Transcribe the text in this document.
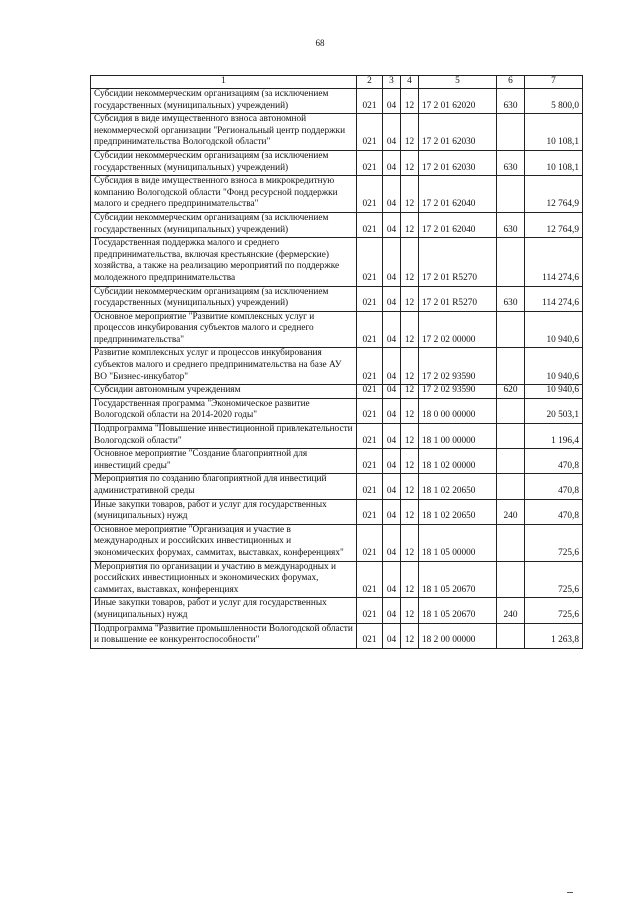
68
1	2	3	4	5	6	7
Субсидии некоммерческим организациям (за исключением государственных (муниципальных) учреждений)	021	04	12	17 2 01 62020	630	5 800,0
Субсидия в виде имущественного взноса автономной некоммерческой организации "Региональный центр поддержки предпринимательства Вологодской области"	021	04	12	17 2 01 62030		10 108,1
Субсидии некоммерческим организациям (за исключением государственных (муниципальных) учреждений)	021	04	12	17 2 01 62030	630	10 108,1
Субсидия в виде имущественного взноса в микрокредитную компанию Вологодской области "Фонд ресурсной поддержки малого и среднего предпринимательства"	021	04	12	17 2 01 62040		12 764,9
Субсидии некоммерческим организациям (за исключением государственных (муниципальных) учреждений)	021	04	12	17 2 01 62040	630	12 764,9
Государственная поддержка малого и среднего предпринимательства, включая крестьянские (фермерские) хозяйства, а также на реализацию мероприятий по поддержке молодежного предпринимательства	021	04	12	17 2 01 R5270		114 274,6
Субсидии некоммерческим организациям (за исключением государственных (муниципальных) учреждений)	021	04	12	17 2 01 R5270	630	114 274,6
Основное мероприятие "Развитие комплексных услуг и процессов инкубирования субъектов малого и среднего предпринимательства"	021	04	12	17 2 02 00000		10 940,6
Развитие комплексных услуг и процессов инкубирования субъектов малого и среднего предпринимательства на базе АУ ВО "Бизнес-инкубатор"	021	04	12	17 2 02 93590		10 940,6
Субсидии автономным учреждениям	021	04	12	17 2 02 93590	620	10 940,6
Государственная программа "Экономическое развитие Вологодской области на 2014-2020 годы"	021	04	12	18 0 00 00000		20 503,1
Подпрограмма "Повышение инвестиционной привлекательности Вологодской области"	021	04	12	18 1 00 00000		1 196,4
Основное мероприятие "Создание благоприятной для инвестиций среды"	021	04	12	18 1 02 00000		470,8
Мероприятия по созданию благоприятной для инвестиций административной среды	021	04	12	18 1 02 20650		470,8
Иные закупки товаров, работ и услуг для государственных (муниципальных) нужд	021	04	12	18 1 02 20650	240	470,8
Основное мероприятие "Организация и участие в международных и российских инвестиционных и экономических форумах, саммитах, выставках, конференциях"	021	04	12	18 1 05 00000		725,6
Мероприятия по организации и участию в международных и российских инвестиционных и экономических форумах, саммитах, выставках, конференциях	021	04	12	18 1 05 20670		725,6
Иные закупки товаров, работ и услуг для государственных (муниципальных) нужд	021	04	12	18 1 05 20670	240	725,6
Подпрограмма "Развитие промышленности Вологодской области и повышение ее конкурентоспособности"	021	04	12	18 2 00 00000		1 263,8
